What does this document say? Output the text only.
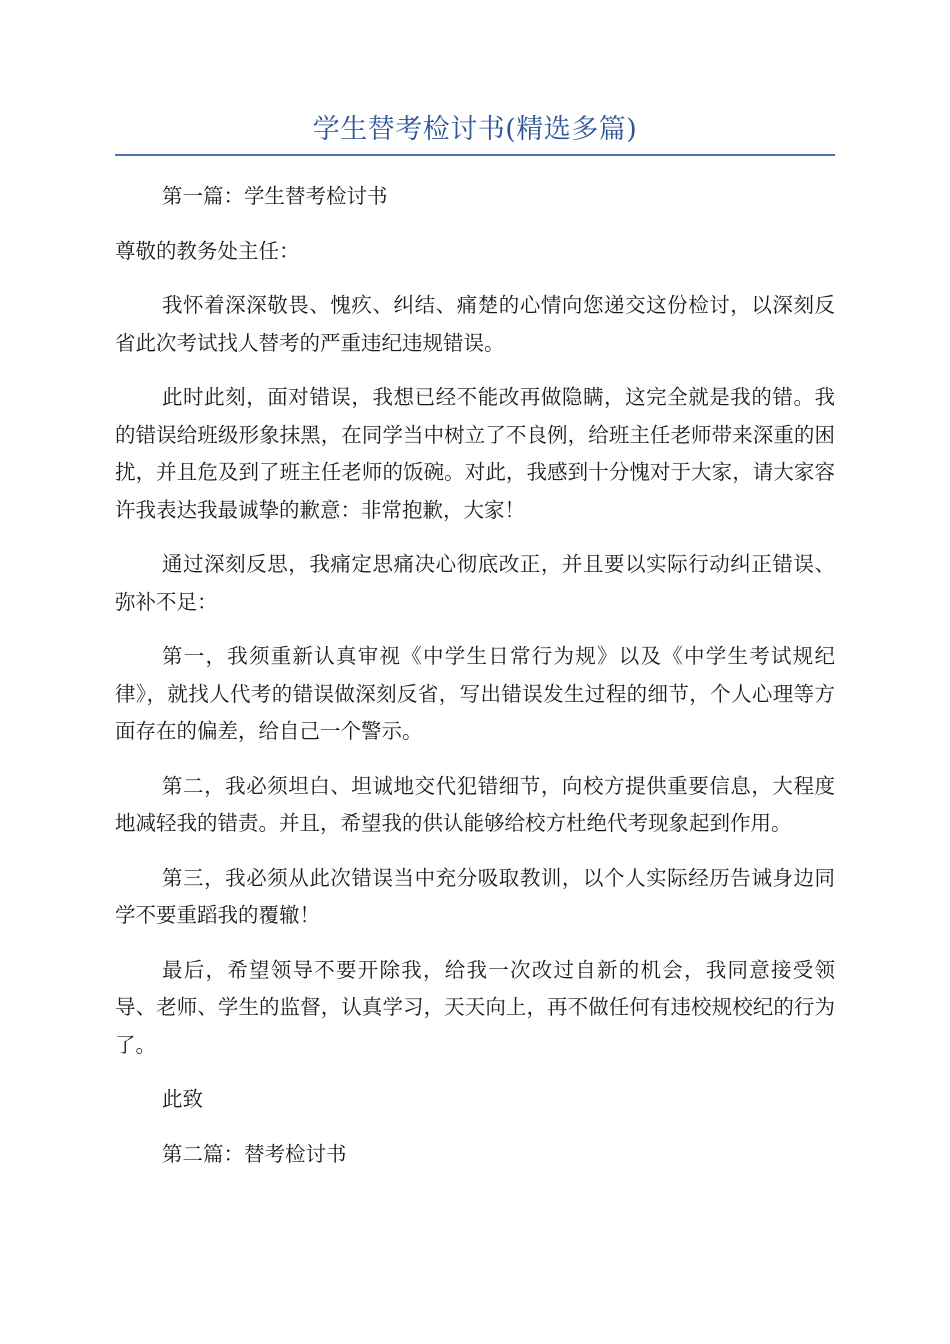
学生替考检讨书(精选多篇)

第一篇：学生替考检讨书

尊敬的教务处主任：

我怀着深深敬畏、愧疚、纠结、痛楚的心情向您递交这份检讨，以深刻反省此次考试找人替考的严重违纪违规错误。

此时此刻，面对错误，我想已经不能改再做隐瞒，这完全就是我的错。我的错误给班级形象抹黑，在同学当中树立了不良例，给班主任老师带来深重的困扰，并且危及到了班主任老师的饭碗。对此，我感到十分愧对于大家，请大家容许我表达我最诚挚的歉意：非常抱歉，大家！

通过深刻反思，我痛定思痛决心彻底改正，并且要以实际行动纠正错误、弥补不足：

第一，我须重新认真审视《中学生日常行为规》以及《中学生考试规纪律》，就找人代考的错误做深刻反省，写出错误发生过程的细节，个人心理等方面存在的偏差，给自己一个警示。

第二，我必须坦白、坦诚地交代犯错细节，向校方提供重要信息，大程度地减轻我的错责。并且，希望我的供认能够给校方杜绝代考现象起到作用。

第三，我必须从此次错误当中充分吸取教训，以个人实际经历告诫身边同学不要重蹈我的覆辙！

最后，希望领导不要开除我，给我一次改过自新的机会，我同意接受领导、老师、学生的监督，认真学习，天天向上，再不做任何有违校规校纪的行为了。

此致

第二篇：替考检讨书
